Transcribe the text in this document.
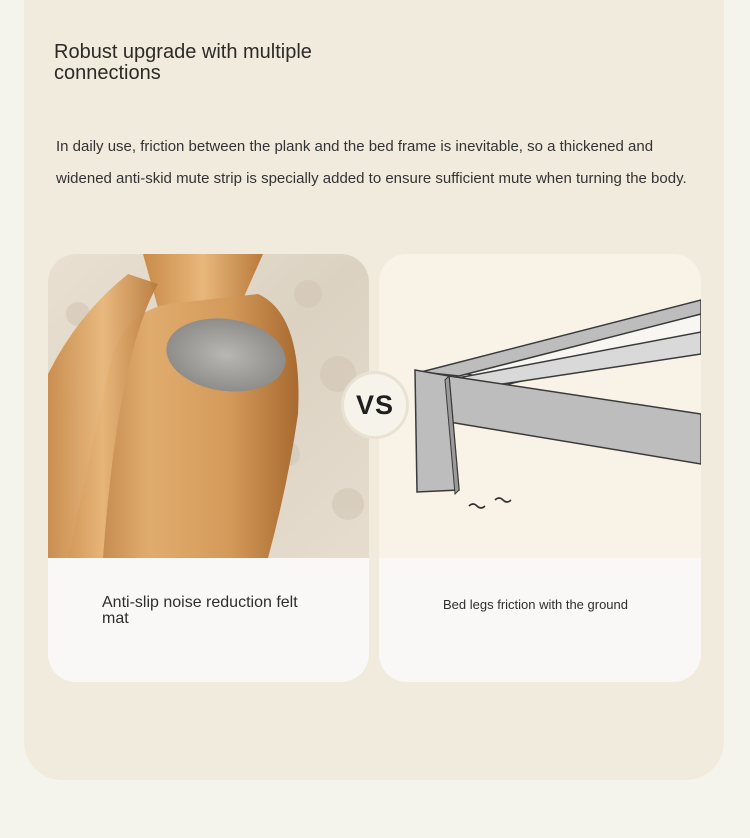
Robust upgrade with multiple connections
In daily use, friction between the plank and the bed frame is inevitable, so a thickened and widened anti-skid mute strip is specially added to ensure sufficient mute when turning the body.
Anti-slip noise reduction felt mat
Bed legs friction with the ground
VS
